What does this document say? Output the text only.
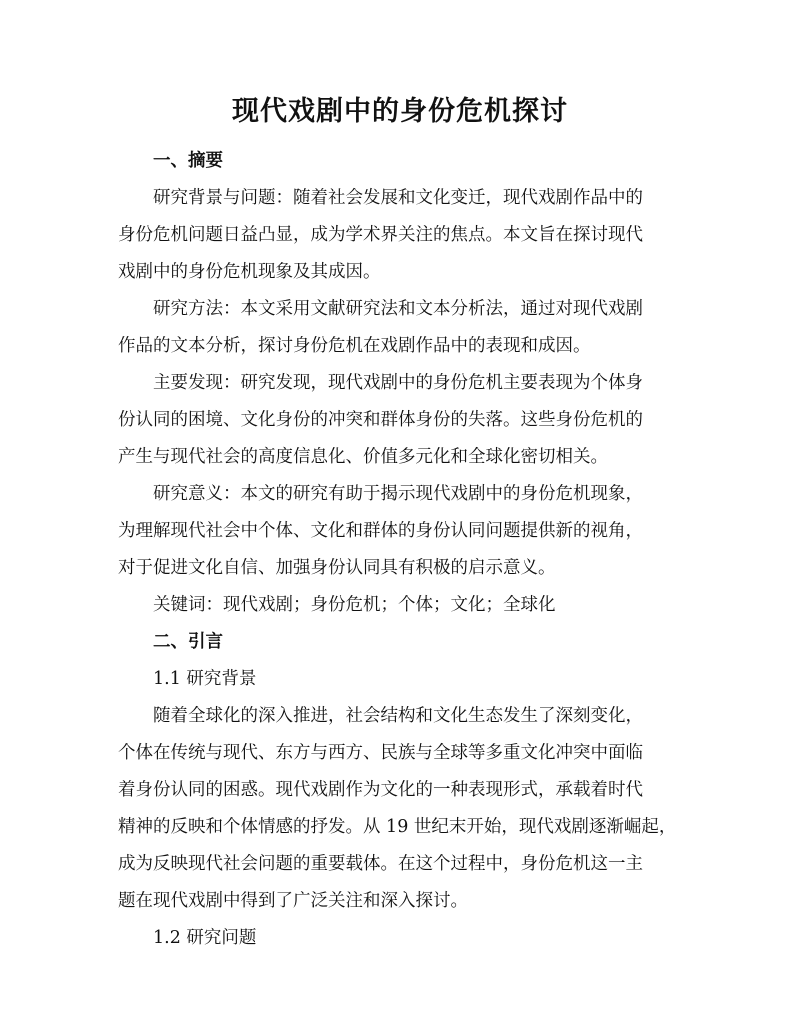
现代戏剧中的身份危机探讨
一、摘要
研究背景与问题：随着社会发展和文化变迁，现代戏剧作品中的
身份危机问题日益凸显，成为学术界关注的焦点。本文旨在探讨现代
戏剧中的身份危机现象及其成因。
研究方法：本文采用文献研究法和文本分析法，通过对现代戏剧
作品的文本分析，探讨身份危机在戏剧作品中的表现和成因。
主要发现：研究发现，现代戏剧中的身份危机主要表现为个体身
份认同的困境、文化身份的冲突和群体身份的失落。这些身份危机的
产生与现代社会的高度信息化、价值多元化和全球化密切相关。
研究意义：本文的研究有助于揭示现代戏剧中的身份危机现象，
为理解现代社会中个体、文化和群体的身份认同问题提供新的视角，
对于促进文化自信、加强身份认同具有积极的启示意义。
关键词：现代戏剧；身份危机；个体；文化；全球化
二、引言
1.1 研究背景
随着全球化的深入推进，社会结构和文化生态发生了深刻变化，
个体在传统与现代、东方与西方、民族与全球等多重文化冲突中面临
着身份认同的困惑。现代戏剧作为文化的一种表现形式，承载着时代
精神的反映和个体情感的抒发。从 19 世纪末开始，现代戏剧逐渐崛起，
成为反映现代社会问题的重要载体。在这个过程中，身份危机这一主
题在现代戏剧中得到了广泛关注和深入探讨。
1.2 研究问题
